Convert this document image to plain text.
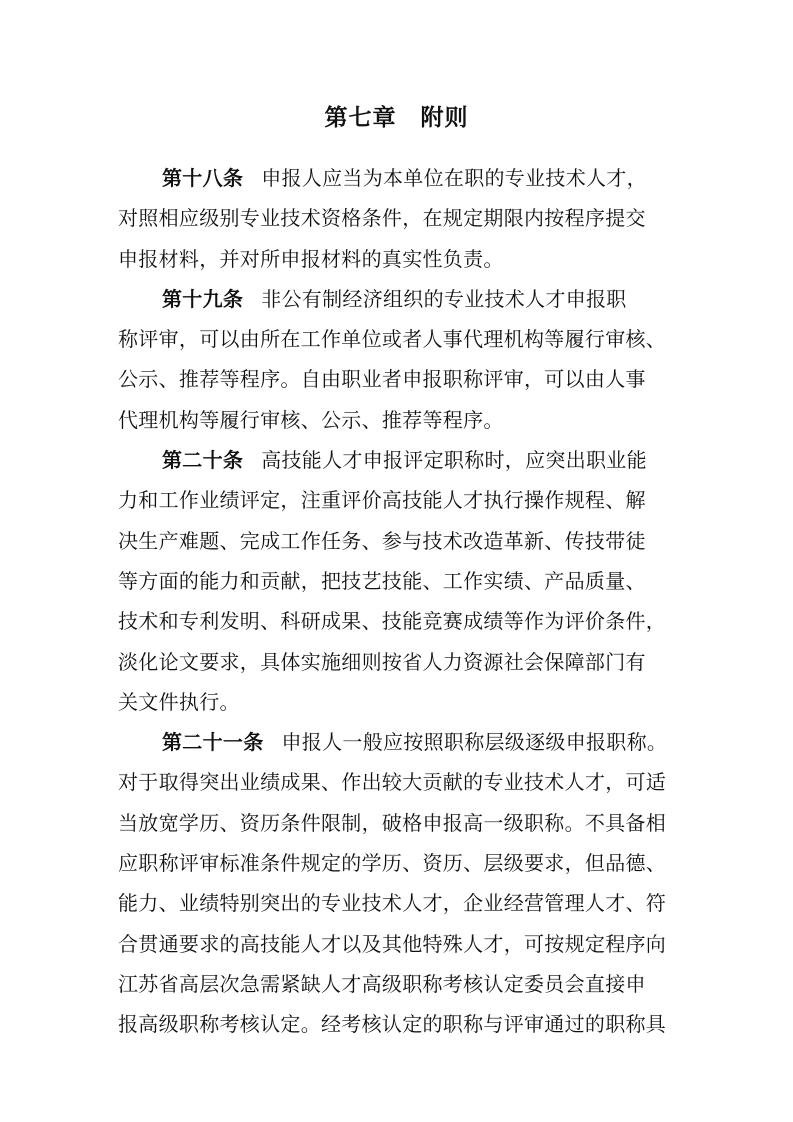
第七章 附则
第十八条 申报人应当为本单位在职的专业技术人才，
对照相应级别专业技术资格条件，在规定期限内按程序提交
申报材料，并对所申报材料的真实性负责。
第十九条 非公有制经济组织的专业技术人才申报职
称评审，可以由所在工作单位或者人事代理机构等履行审核、
公示、推荐等程序。自由职业者申报职称评审，可以由人事
代理机构等履行审核、公示、推荐等程序。
第二十条 高技能人才申报评定职称时，应突出职业能
力和工作业绩评定，注重评价高技能人才执行操作规程、解
决生产难题、完成工作任务、参与技术改造革新、传技带徒
等方面的能力和贡献，把技艺技能、工作实绩、产品质量、
技术和专利发明、科研成果、技能竞赛成绩等作为评价条件，
淡化论文要求，具体实施细则按省人力资源社会保障部门有
关文件执行。
第二十一条 申报人一般应按照职称层级逐级申报职称。
对于取得突出业绩成果、作出较大贡献的专业技术人才，可适
当放宽学历、资历条件限制，破格申报高一级职称。不具备相
应职称评审标准条件规定的学历、资历、层级要求，但品德、
能力、业绩特别突出的专业技术人才，企业经营管理人才、符
合贯通要求的高技能人才以及其他特殊人才，可按规定程序向
江苏省高层次急需紧缺人才高级职称考核认定委员会直接申
报高级职称考核认定。经考核认定的职称与评审通过的职称具
